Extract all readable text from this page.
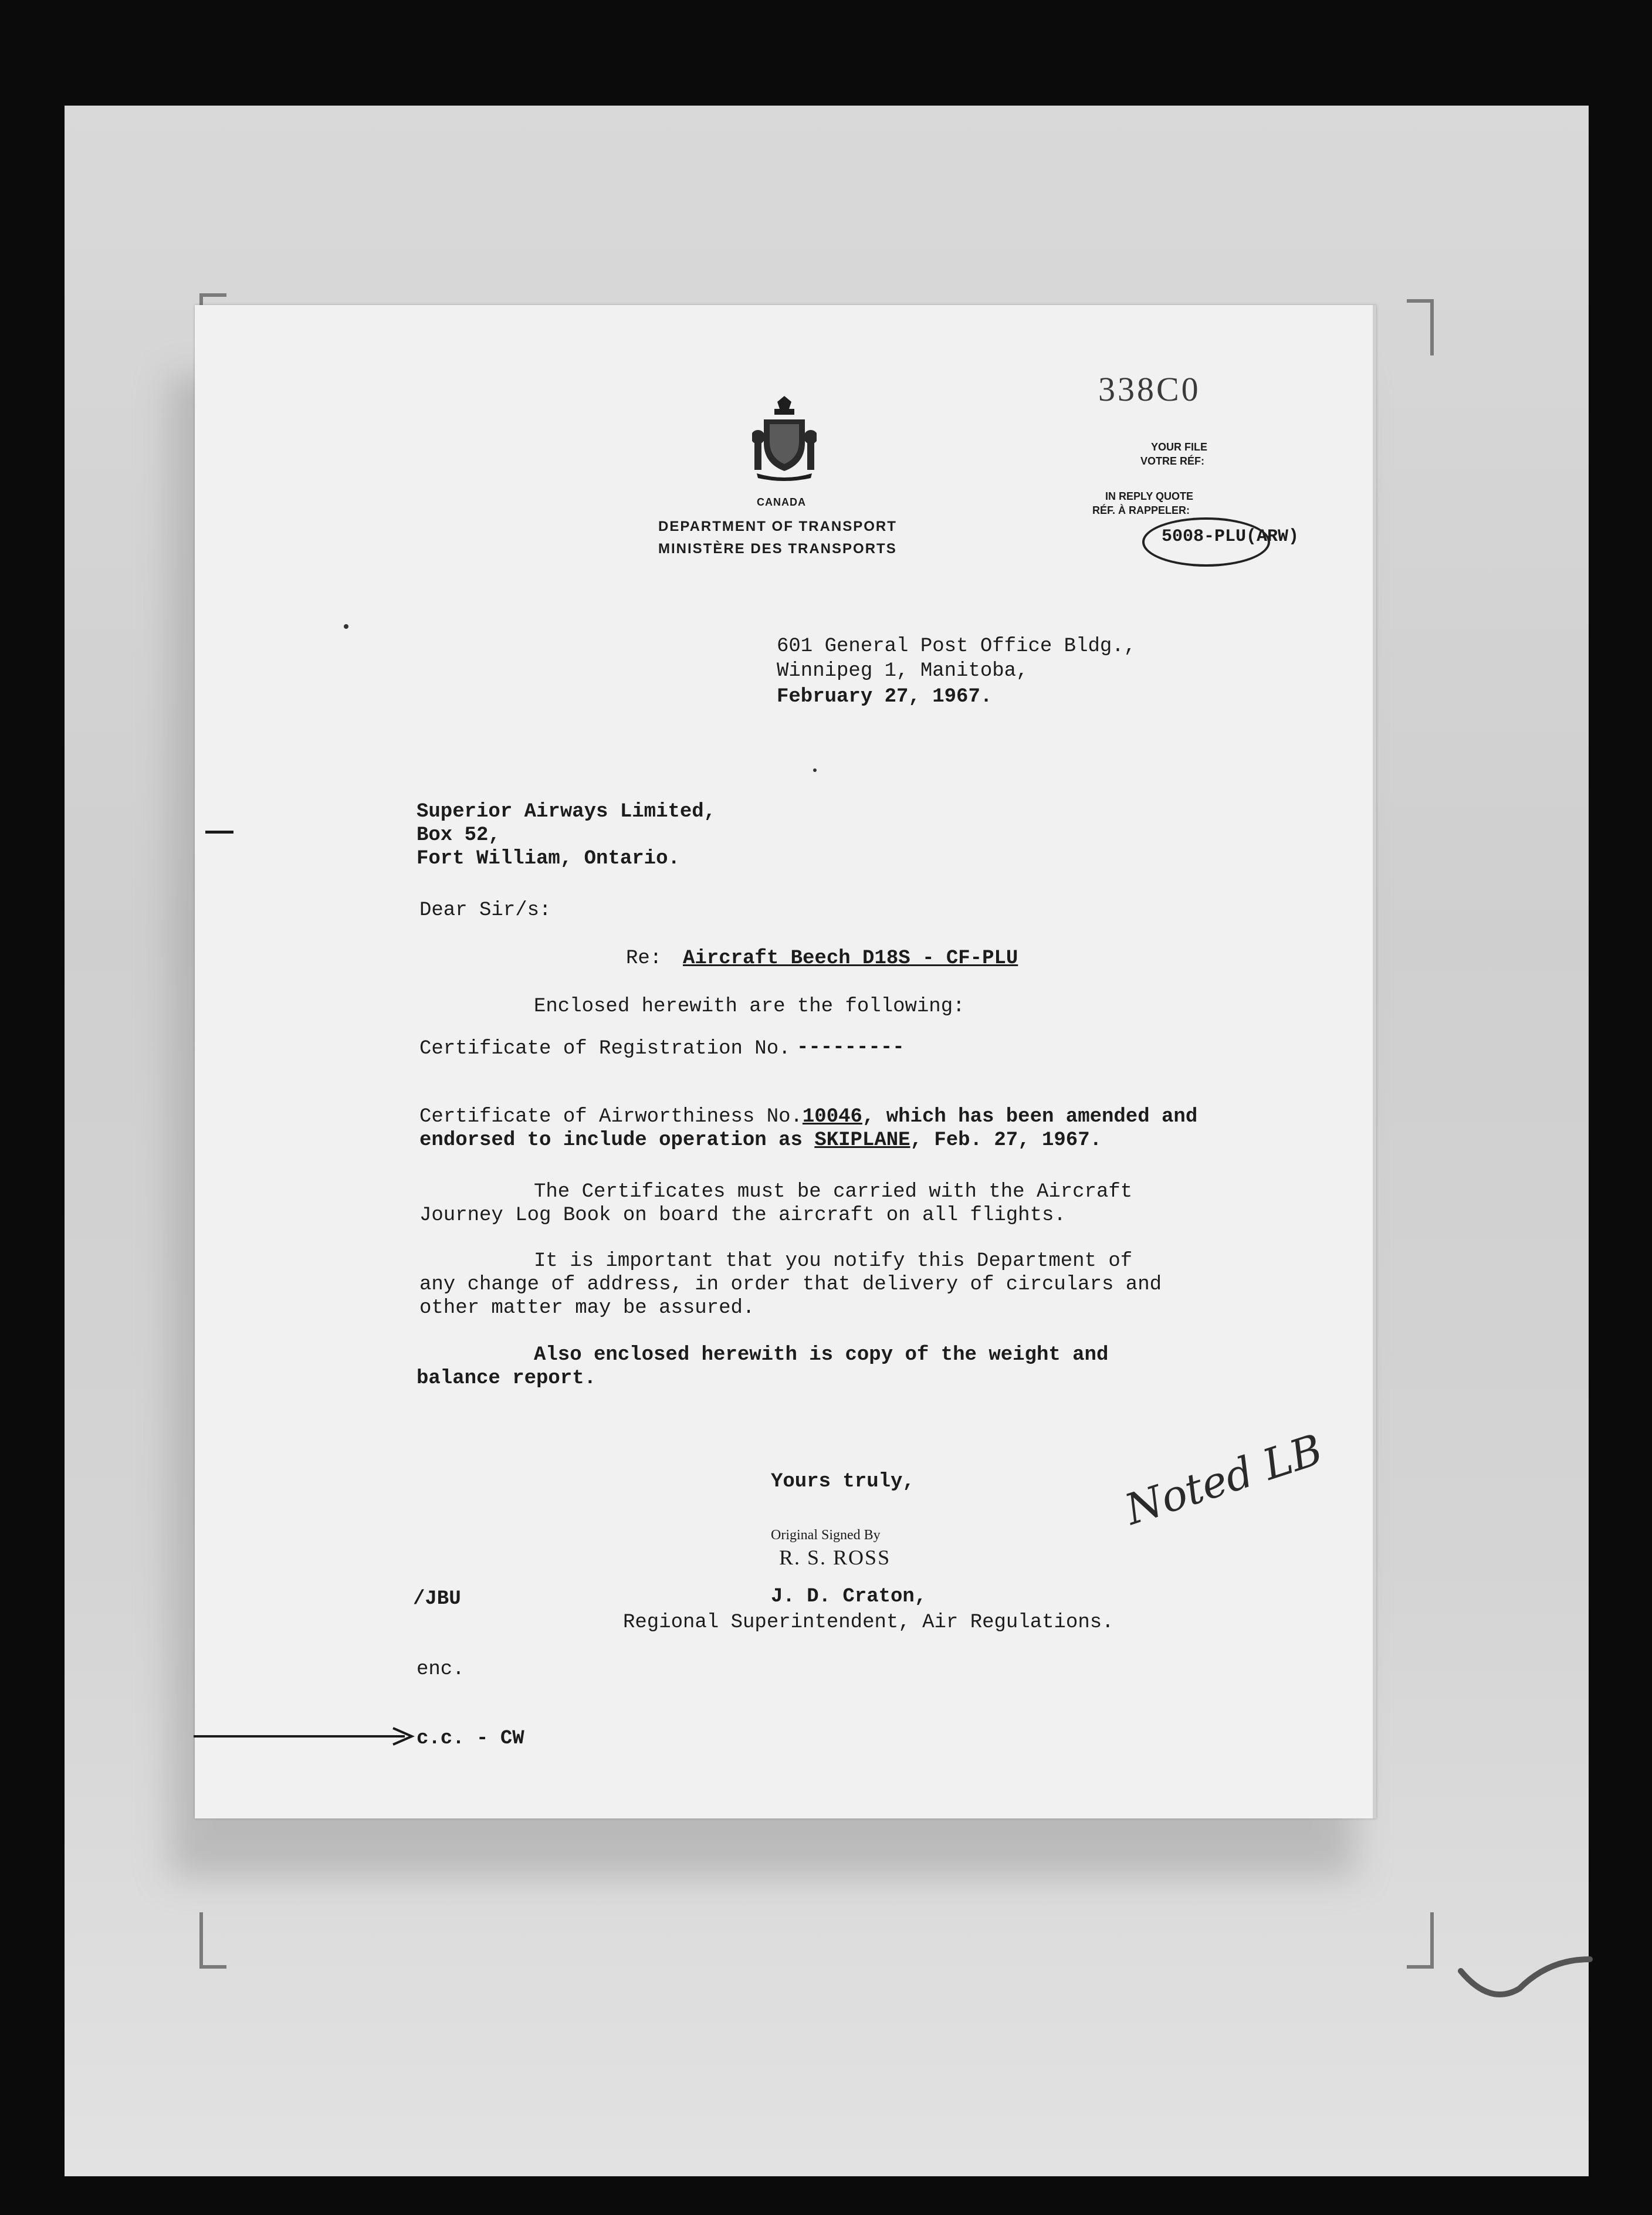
338C0
CANADA
DEPARTMENT OF TRANSPORT
MINISTÈRE DES TRANSPORTS
YOUR FILE
VOTRE RÉF:
IN REPLY QUOTE
RÉF. À RAPPELER:
5008-PLU(ARW)
601 General Post Office Bldg.,
Winnipeg 1, Manitoba,
February 27, 1967.
Superior Airways Limited,
Box 52,
Fort William, Ontario.
Dear Sir/s:
Re: Aircraft Beech D18S - CF-PLU
Enclosed herewith are the following:
Certificate of Registration No. ---------
Certificate of Airworthiness No.10046, which has been amended and
endorsed to include operation as SKIPLANE, Feb. 27, 1967.
The Certificates must be carried with the Aircraft
Journey Log Book on board the aircraft on all flights.
It is important that you notify this Department of
any change of address, in order that delivery of circulars and
other matter may be assured.
Also enclosed herewith is copy of the weight and
balance report.
Yours truly,
Original Signed By
R. S. ROSS
J. D. Craton,
Regional Superintendent, Air Regulations.
Noted LB
/JBU
enc.
c.c. - CW
